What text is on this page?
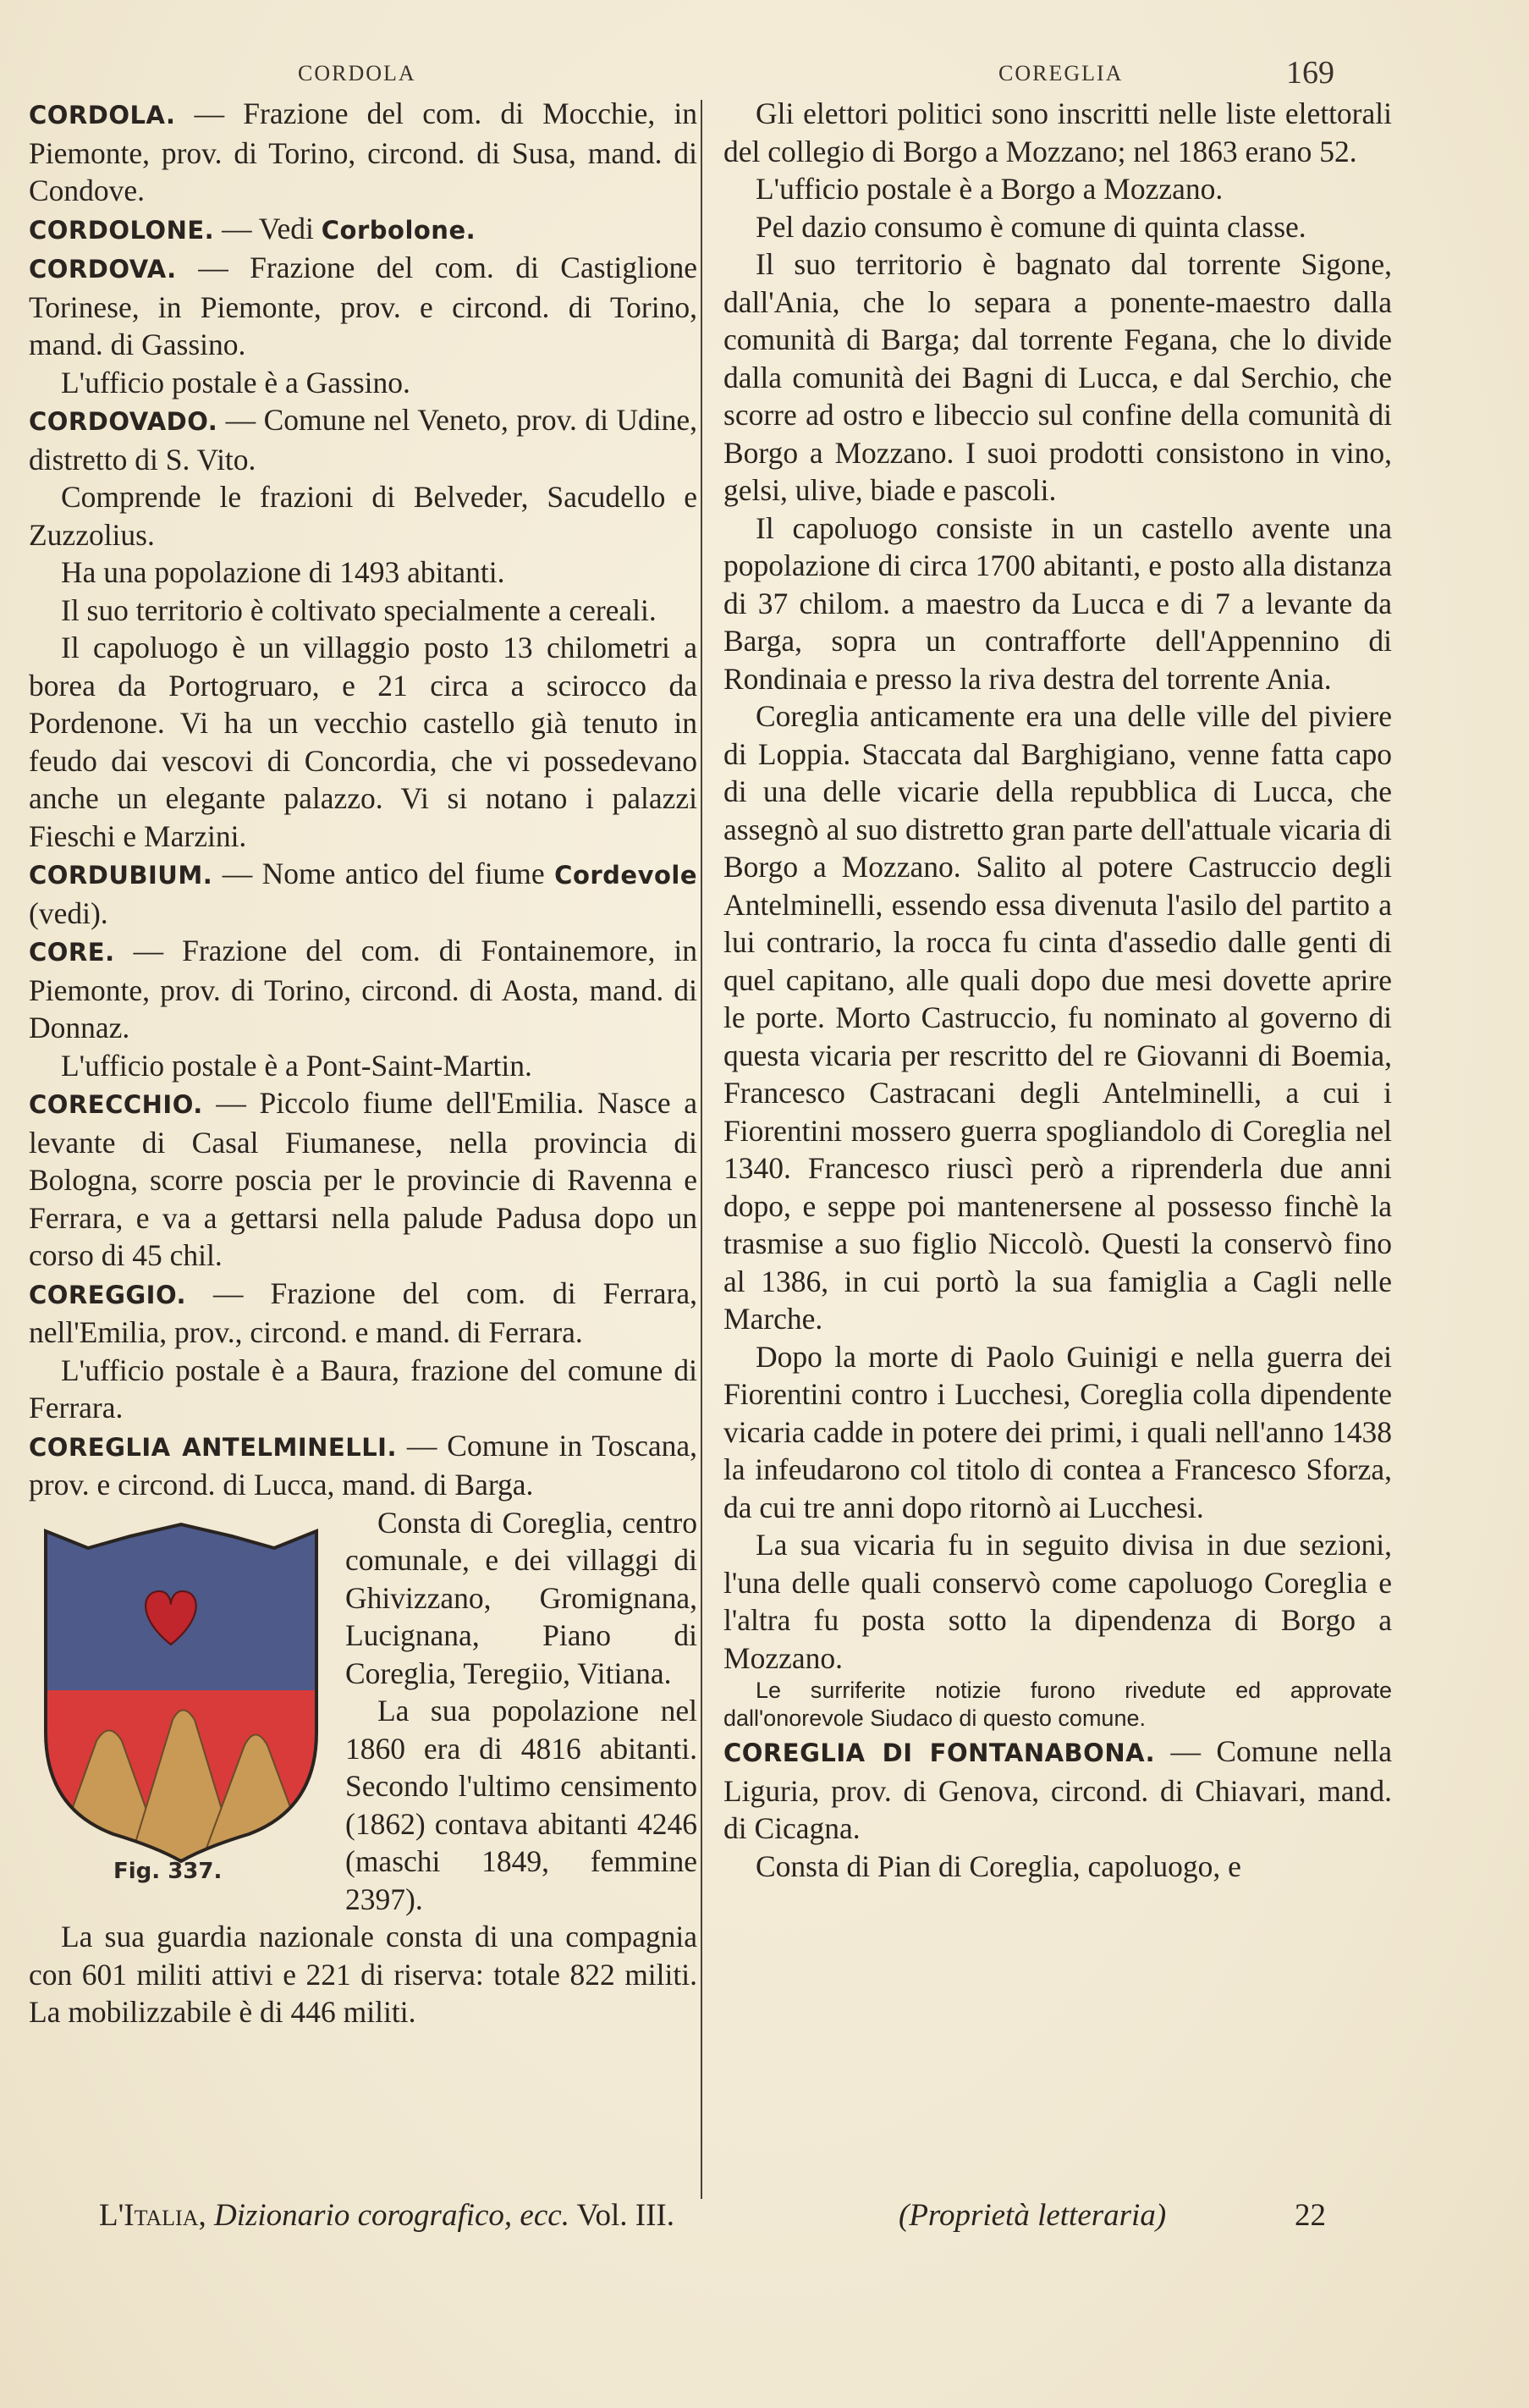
CORDOLA	COREGLIA	169

CORDOLA. — Frazione del com. di Mocchie, in Piemonte, prov. di Torino, circond. di Susa, mand. di Condove.

CORDOLONE. — Vedi Corbolone.

CORDOVA. — Frazione del com. di Castiglione Torinese, in Piemonte, prov. e circond. di Torino, mand. di Gassino.

L'ufficio postale è a Gassino.

CORDOVADO. — Comune nel Veneto, prov. di Udine, distretto di S. Vito.

Comprende le frazioni di Belveder, Sacudello e Zuzzolius.

Ha una popolazione di 1493 abitanti.

Il suo territorio è coltivato specialmente a cereali.

Il capoluogo è un villaggio posto 13 chilometri a borea da Portogruaro, e 21 circa a scirocco da Pordenone. Vi ha un vecchio castello già tenuto in feudo dai vescovi di Concordia, che vi possedevano anche un elegante palazzo. Vi si notano i palazzi Fieschi e Marzini.

CORDUBIUM. — Nome antico del fiume Cordevole (vedi).

CORE. — Frazione del com. di Fontainemore, in Piemonte, prov. di Torino, circond. di Aosta, mand. di Donnaz.

L'ufficio postale è a Pont-Saint-Martin.

CORECCHIO. — Piccolo fiume dell'Emilia. Nasce a levante di Casal Fiumanese, nella provincia di Bologna, scorre poscia per le provincie di Ravenna e Ferrara, e va a gettarsi nella palude Padusa dopo un corso di 45 chil.

COREGGIO. — Frazione del com. di Ferrara, nell'Emilia, prov., circond. e mand. di Ferrara.

L'ufficio postale è a Baura, frazione del comune di Ferrara.

COREGLIA ANTELMINELLI. — Comune in Toscana, prov. e circond. di Lucca, mand. di Barga.

Fig. 337.

Consta di Coreglia, centro comunale, e dei villaggi di Ghivizzano, Gromignana, Lucignana, Piano di Coreglia, Teregiio, Vitiana.

La sua popolazione nel 1860 era di 4816 abitanti. Secondo l'ultimo censimento (1862) contava abitanti 4246 (maschi 1849, femmine 2397).

La sua guardia nazionale consta di una compagnia con 601 militi attivi e 221 di riserva: totale 822 militi. La mobilizzabile è di 446 militi.

Gli elettori politici sono inscritti nelle liste elettorali del collegio di Borgo a Mozzano; nel 1863 erano 52.

L'ufficio postale è a Borgo a Mozzano.

Pel dazio consumo è comune di quinta classe.

Il suo territorio è bagnato dal torrente Sigone, dall'Ania, che lo separa a ponente-maestro dalla comunità di Barga; dal torrente Fegana, che lo divide dalla comunità dei Bagni di Lucca, e dal Serchio, che scorre ad ostro e libeccio sul confine della comunità di Borgo a Mozzano. I suoi prodotti consistono in vino, gelsi, ulive, biade e pascoli.

Il capoluogo consiste in un castello avente una popolazione di circa 1700 abitanti, e posto alla distanza di 37 chilom. a maestro da Lucca e di 7 a levante da Barga, sopra un contrafforte dell'Appennino di Rondinaia e presso la riva destra del torrente Ania.

Coreglia anticamente era una delle ville del piviere di Loppia. Staccata dal Barghigiano, venne fatta capo di una delle vicarie della repubblica di Lucca, che assegnò al suo distretto gran parte dell'attuale vicaria di Borgo a Mozzano. Salito al potere Castruccio degli Antelminelli, essendo essa divenuta l'asilo del partito a lui contrario, la rocca fu cinta d'assedio dalle genti di quel capitano, alle quali dopo due mesi dovette aprire le porte. Morto Castruccio, fu nominato al governo di questa vicaria per rescritto del re Giovanni di Boemia, Francesco Castracani degli Antelminelli, a cui i Fiorentini mossero guerra spogliandolo di Coreglia nel 1340. Francesco riuscì però a riprenderla due anni dopo, e seppe poi mantenersene al possesso finchè la trasmise a suo figlio Niccolò. Questi la conservò fino al 1386, in cui portò la sua famiglia a Cagli nelle Marche.

Dopo la morte di Paolo Guinigi e nella guerra dei Fiorentini contro i Lucchesi, Coreglia colla dipendente vicaria cadde in potere dei primi, i quali nell'anno 1438 la infeudarono col titolo di contea a Francesco Sforza, da cui tre anni dopo ritornò ai Lucchesi.

La sua vicaria fu in seguito divisa in due sezioni, l'una delle quali conservò come capoluogo Coreglia e l'altra fu posta sotto la dipendenza di Borgo a Mozzano.

Le surriferite notizie furono rivedute ed approvate dall'onorevole Siudaco di questo comune.

COREGLIA DI FONTANABONA. — Comune nella Liguria, prov. di Genova, circond. di Chiavari, mand. di Cicagna.

Consta di Pian di Coreglia, capoluogo, e

L'Italia, Dizionario corografico, ecc. Vol. III.	(Proprietà letteraria)	22
